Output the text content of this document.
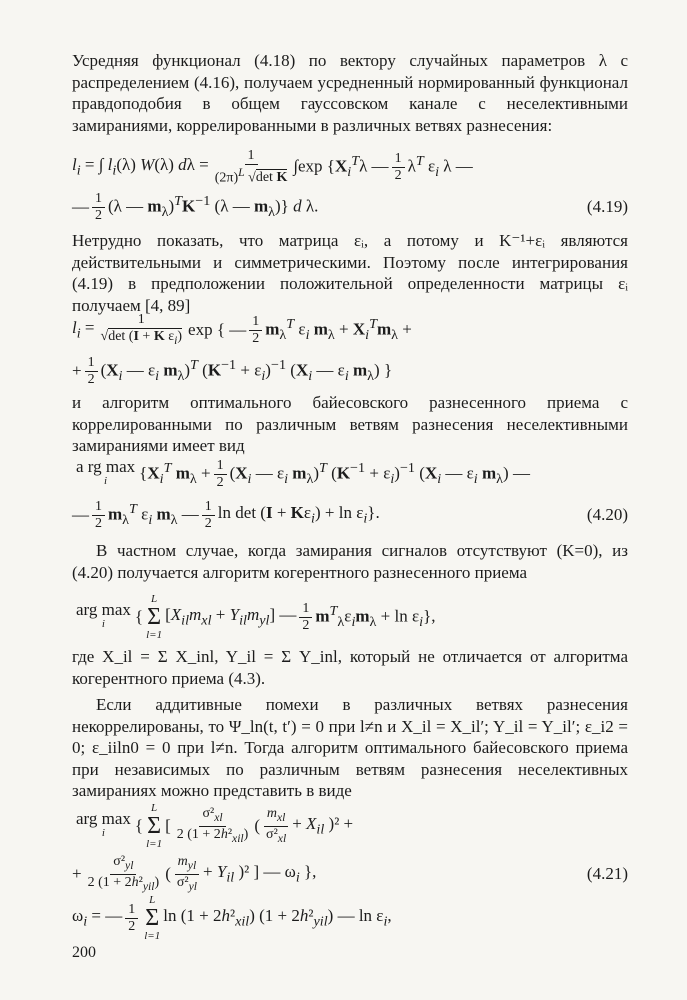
Усредняя функционал (4.18) по вектору случайных параметров λ с распределением (4.16), получаем усредненный нормированный функционал правдоподобия в общем гауссовском канале с неселективными замираниями, коррелированными в различных ветвях разнесения:

$l_i$ = ∫ $l_i(\lambda)$ W(λ) $d\lambda = \frac{1}{(2\pi)^L √\det K} \int\exp$ {$X_i^T\lambda$ — $\frac{1}{2} \lambda^T$ $\varepsilon_i$ λ —
— $\frac{1}{2} (\lambda$ — $m_\lambda)^TK^{-1}$ (λ — $m_\lambda$)} d λ.	(4.19)

Нетрудно показать, что матрица εᵢ, а потому и K⁻¹+εᵢ являются действительными и симметрическими. Поэтому после интегрирования (4.19) в предположении положительной определенности матрицы εᵢ получаем [4, 89]

$l_i = \frac{1}{√\det (I + K \varepsilon_i)}$ exp { — $\frac{1}{2} m_\lambda^T$ $\varepsilon_i$ $m_\lambda + X_i^Tm_\lambda$ +
+ $\frac{1}{2} (X_i$ — $\varepsilon_i$ $m_\lambda)^T$ $(K^{-1} + \varepsilon_i)^{-1}$ ($X_i$ — $\varepsilon_i$ $m_\lambda$) }

и алгоритм оптимального байесовского разнесенного приема с коррелированными по различным ветвям разнесения неселективными замираниями имеет вид

a rg max
i {$X_i^T$ $m_\lambda + \frac{1}{2} (X_i$ — $\varepsilon_i$ $m_\lambda)^T$ $(K^{-1} + \varepsilon_i)^{-1}$ ($X_i$ — $\varepsilon_i$ $m_\lambda$) —
— $\frac{1}{2} m_\lambda^T$ $\varepsilon_i$ $m_\lambda$ — $\frac{1}{2}$ $\ln \det (I + K\varepsilon_i) + \ln \varepsilon_i$}.	(4.20)

В частном случае, когда замирания сигналов отсутствуют (K=0), из (4.20) получается алгоритм когерентного разнесенного приема

arg max
i {
L
Σ
l=1
$[X_{il}m_{xl} + Y_{il}m_{yl}]$ — $\frac{1}{2} m^T_\lambda\varepsilon_im_\lambda + \ln \varepsilon_i$},

где X_il = Σ X_inl, Y_il = Σ Y_inl, который не отличается от алгоритма когерентного приема (4.3).

Если аддитивные помехи в различных ветвях разнесения некоррелированы, то Ψ_ln(t, t′) = 0 при l≠n и X_il = X_il′; Y_il = Y_il′; ε_i2 = 0; ε_iiln0 = 0 при l≠n. Тогда алгоритм оптимального байесовского приема при независимых по различным ветвям разнесения неселективных замираниях можно представить в виде

arg max
i {
L
Σ
l=1
[ $\frac{\sigma^2_{xl}}{2 (1 + 2h^2_{xil})}$ ( $\frac{m_{xl}}{\sigma^2_{xl}} + X_{il}$ )² +
+ $\frac{\sigma^2_{yl}}{2 (1 + 2h^2_{yil})}$ ( $\frac{m_{yl}}{\sigma^2_{yl}} + Y_{il}$ )² ] — $\omega_i$ },	(4.21)
$\omega_i$ = — $\frac{1}{2}$
L
Σ
l=1
$\ln (1 + 2h^2_{xil})$ $(1 + 2h^2_{yil})$ — $\ln \varepsilon_i$,
200
